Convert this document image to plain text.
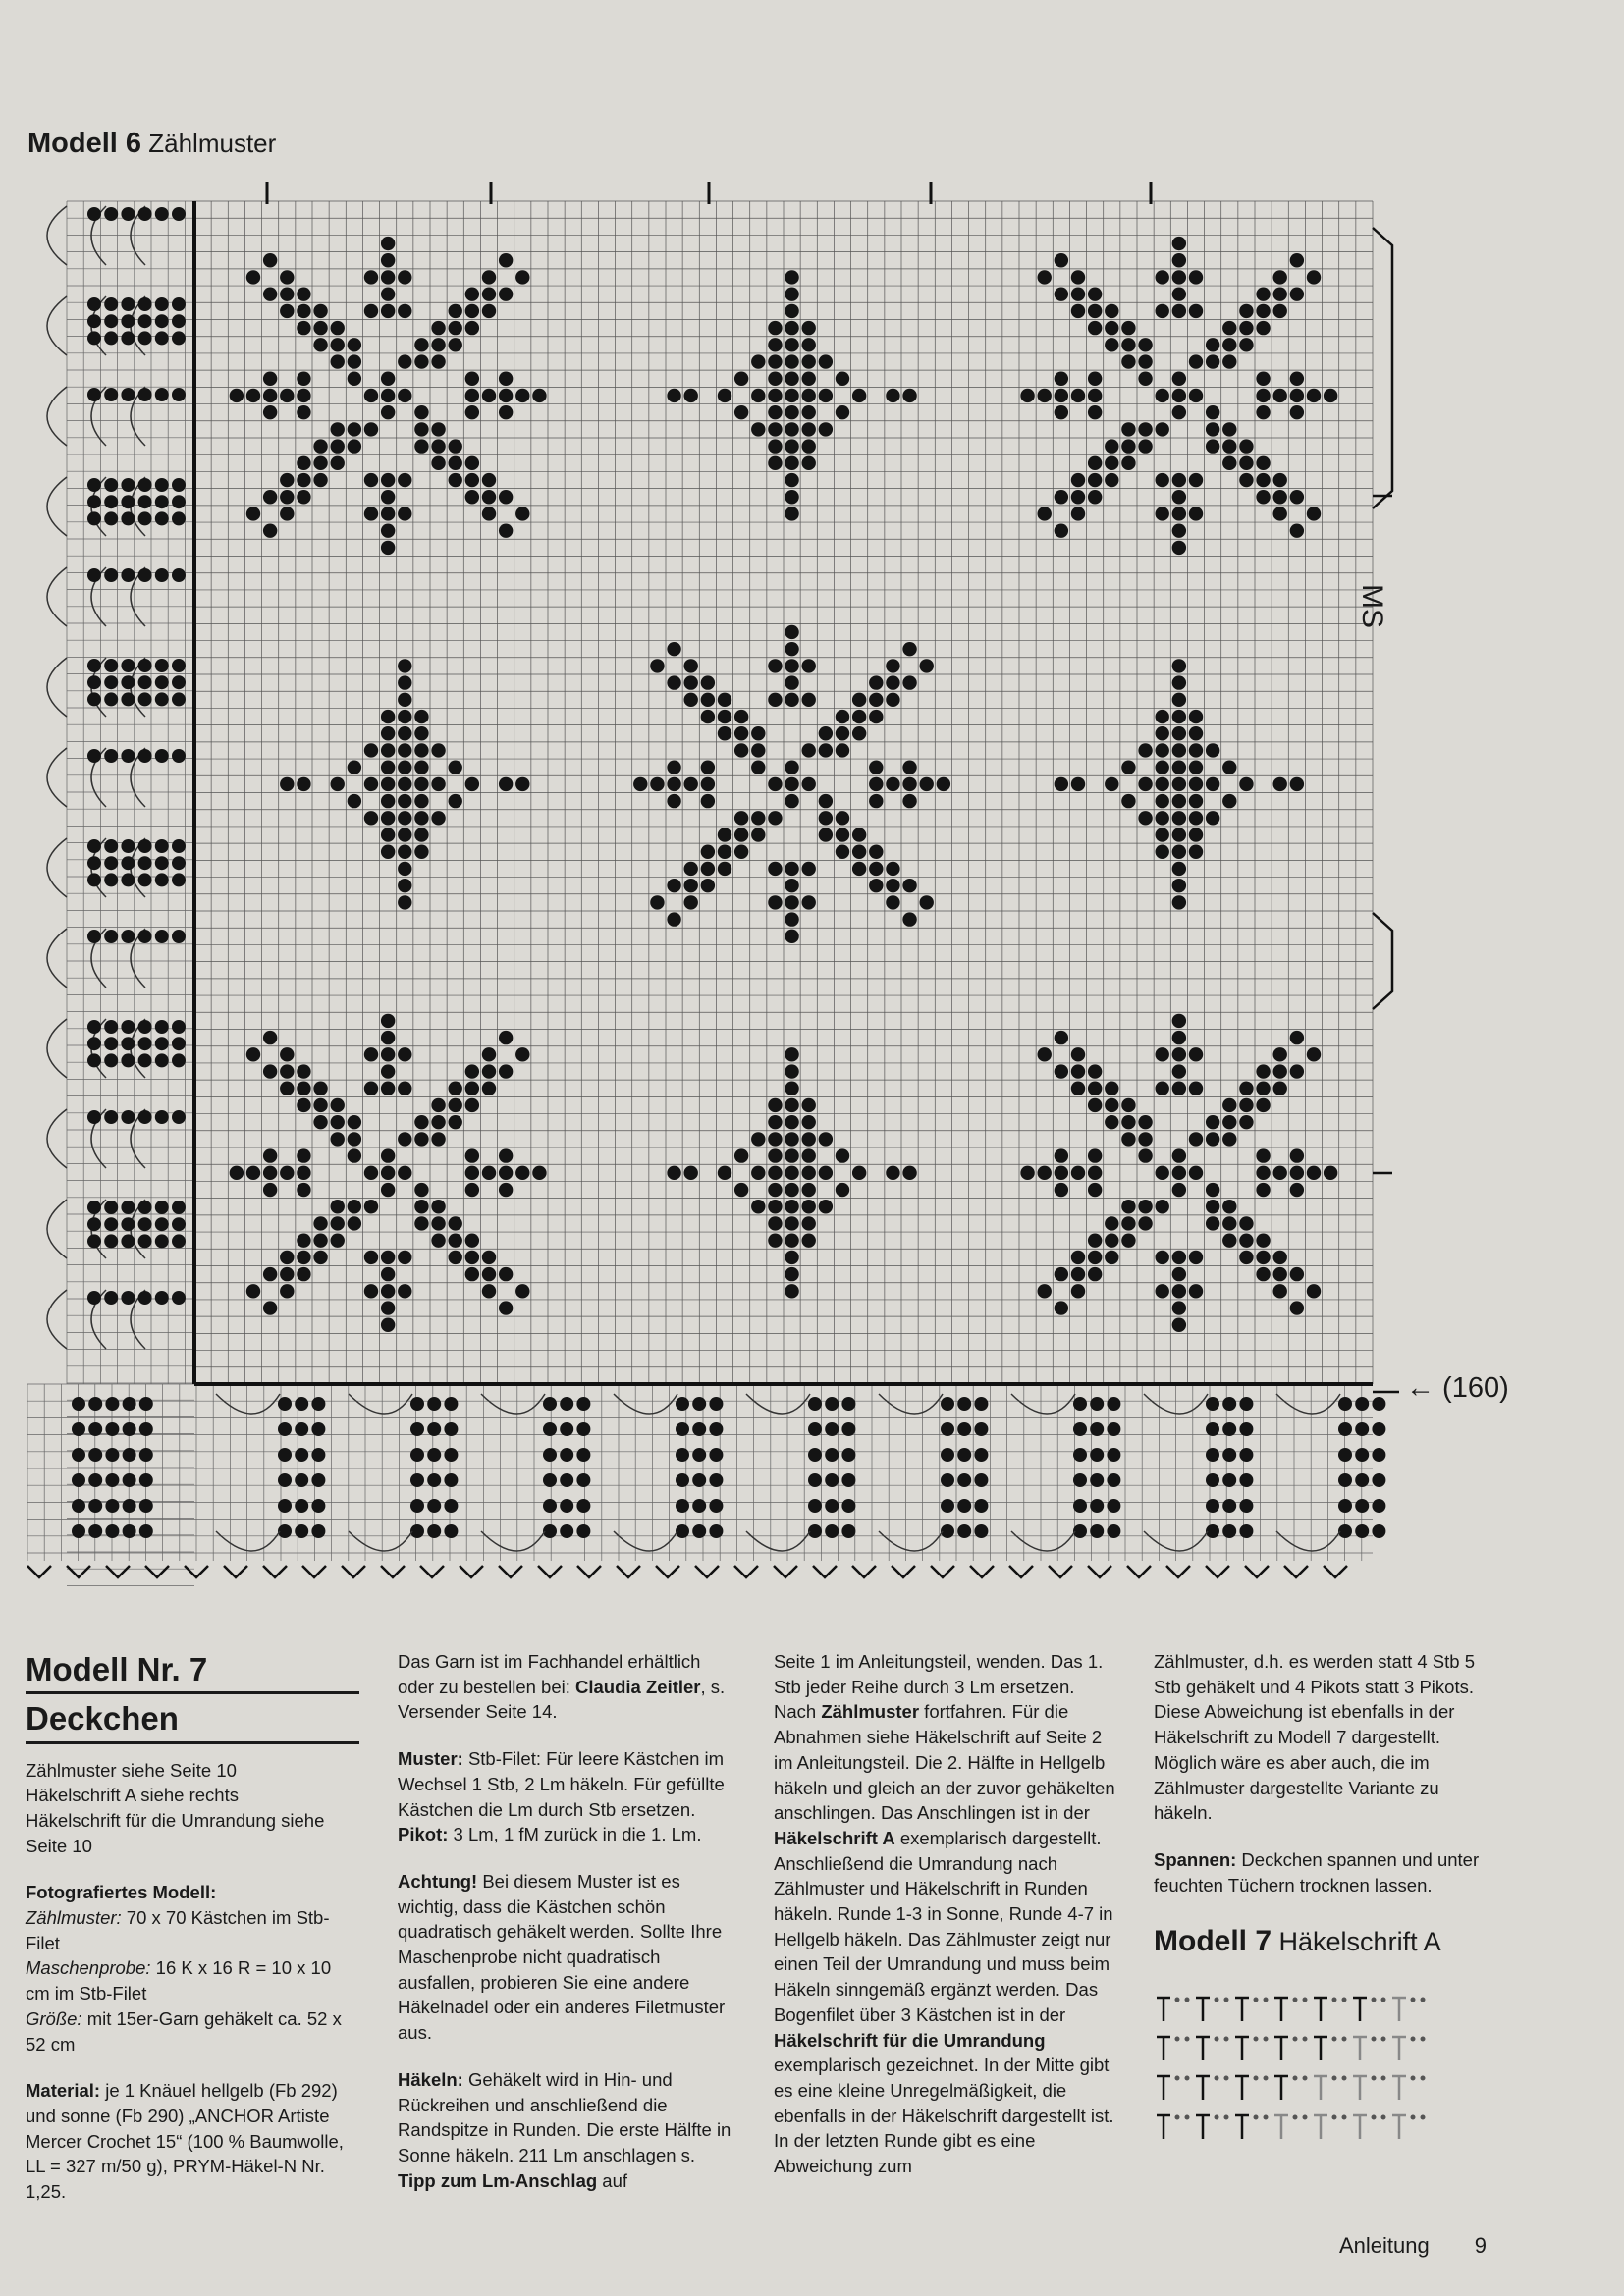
Modell 6 Zählmuster
MS
← (160)
Modell Nr. 7
Deckchen

Zählmuster siehe Seite 10
Häkelschrift A siehe rechts
Häkelschrift für die Umrandung siehe Seite 10

Fotografiertes Modell:
Zählmuster: 70 x 70 Kästchen im Stb-Filet
Maschenprobe: 16 K x 16 R = 10 x 10 cm im Stb-Filet
Größe: mit 15er-Garn gehäkelt ca. 52 x 52 cm

Material: je 1 Knäuel hellgelb (Fb 292) und sonne (Fb 290) „ANCHOR Artiste Mercer Crochet 15“ (100 % Baumwolle, LL = 327 m/50 g), PRYM-Häkel-N Nr. 1,25.

Das Garn ist im Fachhandel erhältlich oder zu bestellen bei: Claudia Zeitler, s. Versender Seite 14.

Muster: Stb-Filet: Für leere Kästchen im Wechsel 1 Stb, 2 Lm häkeln. Für gefüllte Kästchen die Lm durch Stb ersetzen.
Pikot: 3 Lm, 1 fM zurück in die 1. Lm.

Achtung! Bei diesem Muster ist es wichtig, dass die Kästchen schön quadratisch gehäkelt werden. Sollte Ihre Maschenprobe nicht quadratisch ausfallen, probieren Sie eine andere Häkelnadel oder ein anderes Filetmuster aus.

Häkeln: Gehäkelt wird in Hin- und Rückreihen und anschließend die Randspitze in Runden. Die erste Hälfte in Sonne häkeln. 211 Lm anschlagen s. Tipp zum Lm-Anschlag auf

Seite 1 im Anleitungsteil, wenden. Das 1. Stb jeder Reihe durch 3 Lm ersetzen. Nach Zählmuster fortfahren. Für die Abnahmen siehe Häkelschrift auf Seite 2 im Anleitungsteil. Die 2. Hälfte in Hellgelb häkeln und gleich an der zuvor gehäkelten anschlingen. Das Anschlingen ist in der Häkelschrift A exemplarisch dargestellt. Anschließend die Umrandung nach Zählmuster und Häkelschrift in Runden häkeln. Runde 1-3 in Sonne, Runde 4-7 in Hellgelb häkeln. Das Zählmuster zeigt nur einen Teil der Umrandung und muss beim Häkeln sinngemäß ergänzt werden. Das Bogenfilet über 3 Kästchen ist in der Häkelschrift für die Umrandung exemplarisch gezeichnet. In der Mitte gibt es eine kleine Unregelmäßigkeit, die ebenfalls in der Häkelschrift dargestellt ist. In der letzten Runde gibt es eine Abweichung zum

Zählmuster, d.h. es werden statt 4 Stb 5 Stb gehäkelt und 4 Pikots statt 3 Pikots. Diese Abweichung ist ebenfalls in der Häkelschrift zu Modell 7 dargestellt. Möglich wäre es aber auch, die im Zählmuster dargestellte Variante zu häkeln.

Spannen: Deckchen spannen und unter feuchten Tüchern trocknen lassen.

Modell 7 Häkelschrift A
Anleitung 9
